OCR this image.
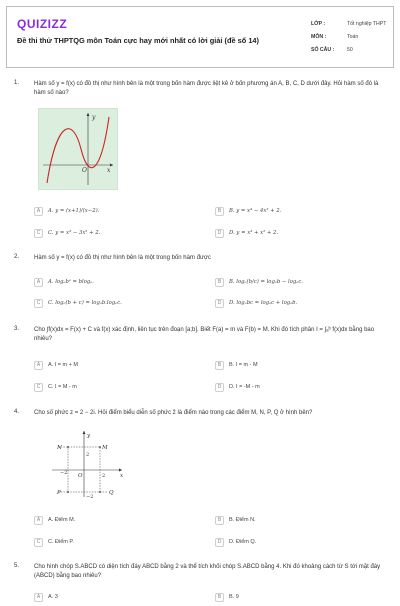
QUIZIZZ
Đề thi thử THPTQG môn Toán cực hay mới nhất có lời giải (đề số 14)
LỚP :	Tốt nghiệp THPT
MÔN :	Toán
SỐ CÂU :	50
1. Hàm số y = f(x) có đồ thị như hình bên là một trong bốn hàm được liệt kê ở bốn phương án A, B, C, D dưới đây. Hỏi hàm số đó là hàm số nào?
y
x
O
A	A. y = (x+1)/(x−2).	B	B. y = x⁴ − 4x² + 2.
C	C. y = x³ − 3x² + 2.	D	D. y = x³ + x² + 2.
2. Hàm số y = f(x) có đồ thị như hình bên là một trong bốn hàm được
A	A. logₐbᵃ = blogₐ.	B	B. logₐ(b/c) = logₐb − logₐc.
C	C. logₐ(b + c) = logₐb.logₐc.	D	D. logₐbc = logₐc + logₐb.
3. Cho ∫f(x)dx = F(x) + C và f(x) xác định, liên tục trên đoạn [a;b]. Biết F(a) = m và F(b) = M. Khi đó tích phân I = ∫ₐᵇ f(x)dx bằng bao nhiêu?
A	A. I = m + M	B	B. I = m - M
C	C. I = M - m	D	D. I = -M - m
4. Cho số phức z = 2 − 2i. Hỏi điểm biểu diễn số phức z̄ là điểm nào trong các điểm M, N, P, Q ở hình bên?
y
x
O
N	M
P	Q
2
−2	2
−2
A	A. Điểm M.	B	B. Điểm N.
C	C. Điểm P.	D	D. Điểm Q.
5. Cho hình chóp S.ABCD có diện tích đáy ABCD bằng 2 và thể tích khối chóp S.ABCD bằng 4. Khi đó khoảng cách từ S tới mặt đáy (ABCD) bằng bao nhiêu?
A	A. 3	B	B. 9
